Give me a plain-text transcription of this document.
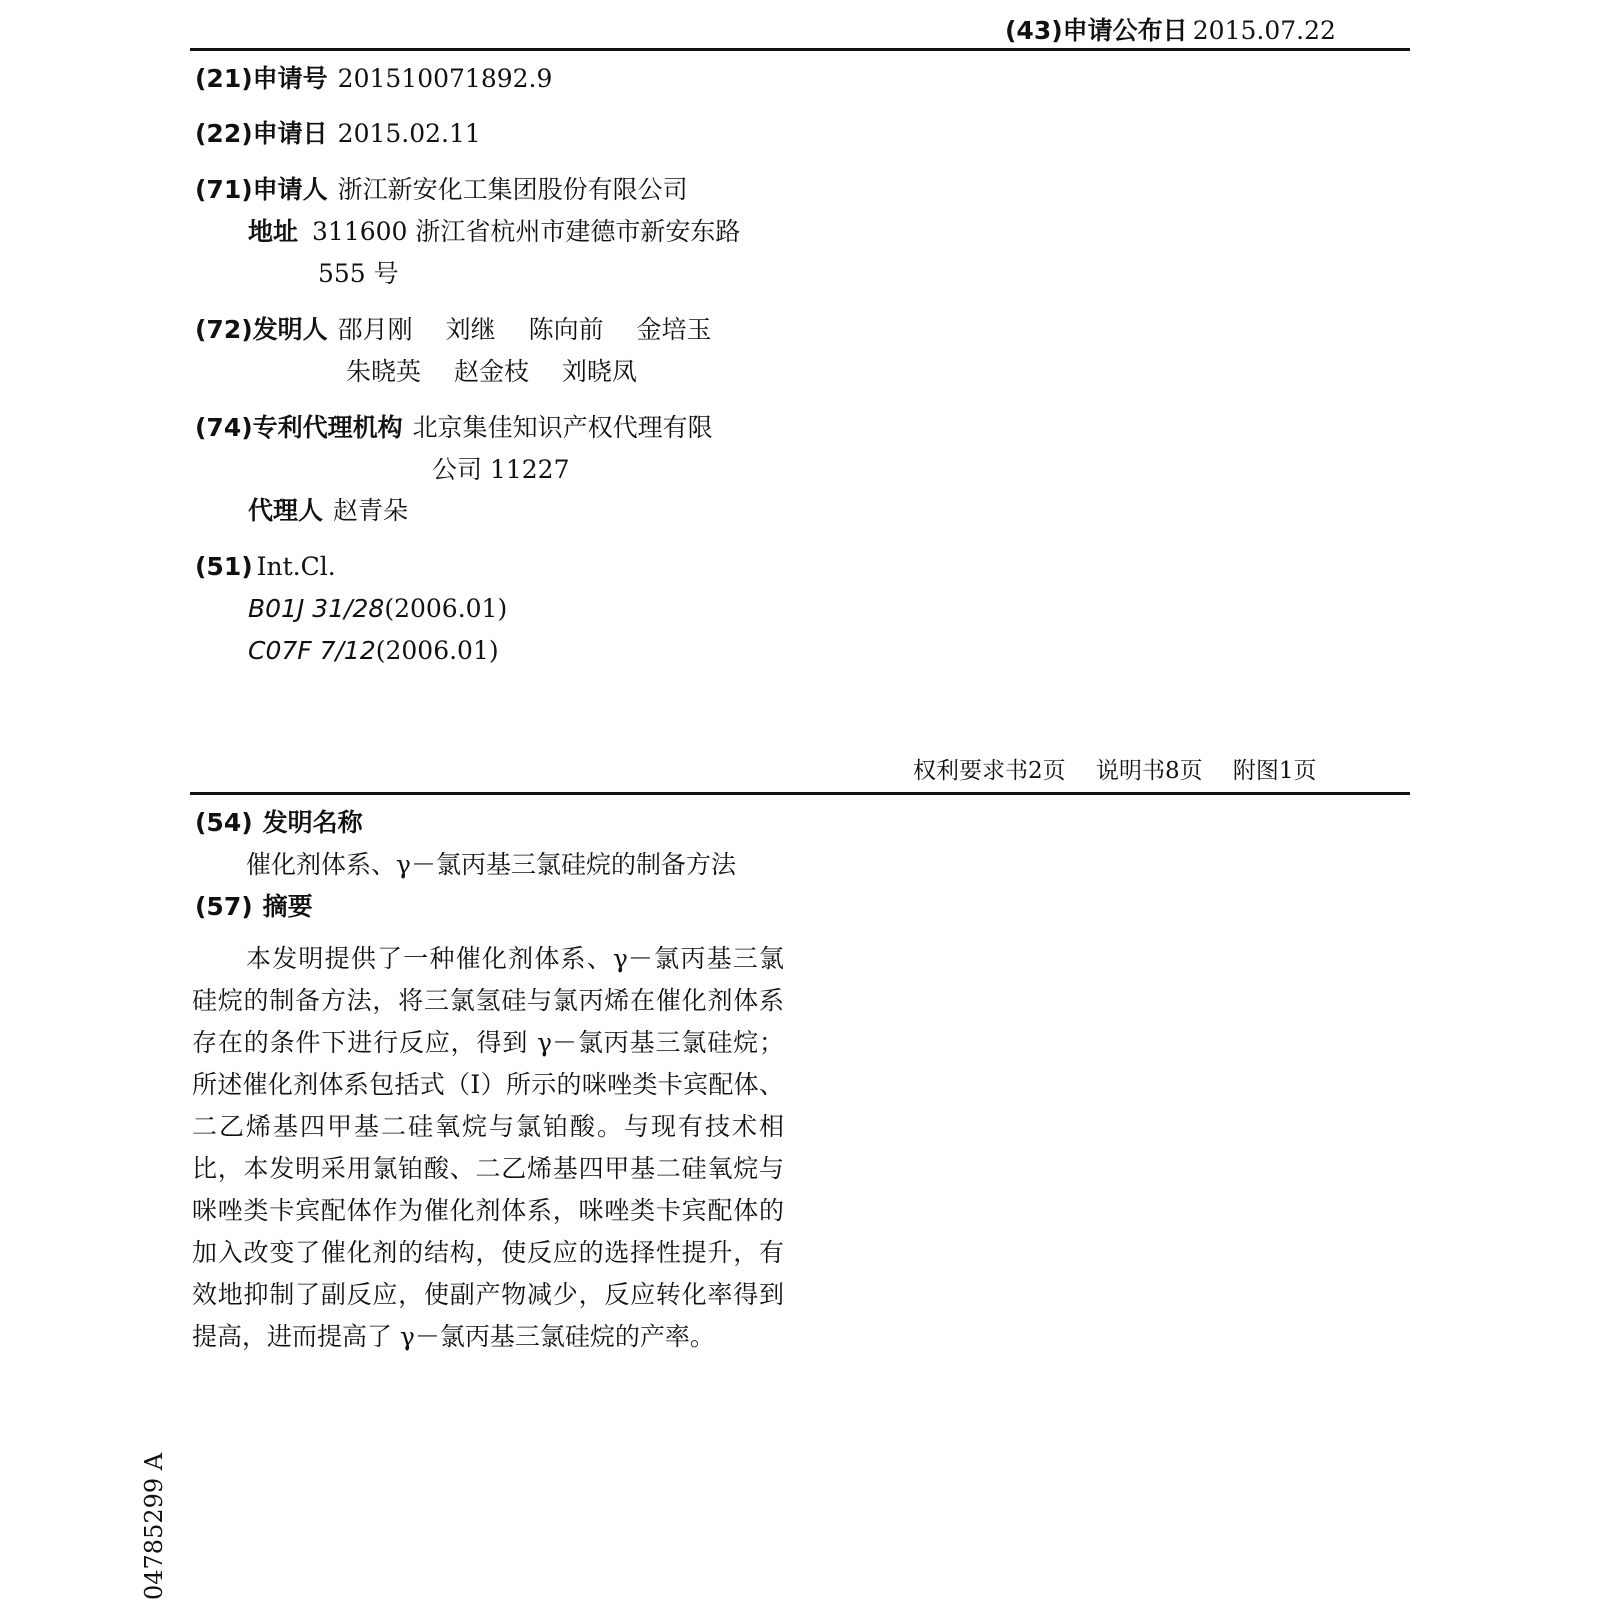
(43)申请公布日 2015.07.22
(21)申请号 201510071892.9
(22)申请日 2015.02.11
(71)申请人 浙江新安化工集团股份有限公司
地址 311600 浙江省杭州市建德市新安东路
555 号
(72)发明人 邵月刚　 刘继　 陈向前　 金培玉
朱晓英　 赵金枝　 刘晓凤
(74)专利代理机构 北京集佳知识产权代理有限
公司 11227
代理人 赵青朵
(51) Int.Cl.
B01J 31/28(2006.01)
C07F 7/12(2006.01)
权利要求书2页　 说明书8页　 附图1页
(54) 发明名称
催化剂体系、γ－氯丙基三氯硅烷的制备方法
(57) 摘要
本发明提供了一种催化剂体系、γ－氯丙基三氯硅烷的制备方法，将三氯氢硅与氯丙烯在催化剂体系存在的条件下进行反应，得到 γ－氯丙基三氯硅烷；所述催化剂体系包括式（I）所示的咪唑类卡宾配体、二乙烯基四甲基二硅氧烷与氯铂酸。与现有技术相比，本发明采用氯铂酸、二乙烯基四甲基二硅氧烷与咪唑类卡宾配体作为催化剂体系，咪唑类卡宾配体的加入改变了催化剂的结构，使反应的选择性提升，有效地抑制了副反应，使副产物减少，反应转化率得到提高，进而提高了 γ－氯丙基三氯硅烷的产率。
04785299 A
